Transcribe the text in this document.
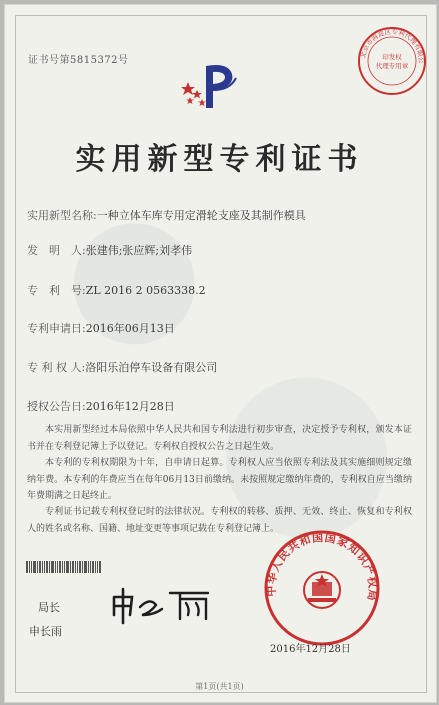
证书号第5815372号
北京市海淀区专利代理有限公
印发权
代理专用章
实用新型专利证书
实用新型名称:一种立体车库专用定滑轮支座及其制作模具
发　明　人:张建伟;张应辉;刘孝伟
专　利　号:ZL 2016 2 0563338.2
专利申请日:2016年06月13日
专 利 权 人:洛阳乐泊停车设备有限公司
授权公告日:2016年12月28日
本实用新型经过本局依照中华人民共和国专利法进行初步审查，决定授予专利权，颁发本证书并在专利登记簿上予以登记。专利权自授权公告之日起生效。
本专利的专利权期限为十年，自申请日起算。专利权人应当依照专利法及其实施细则规定缴纳年费。本专利的年费应当在每年06月13日前缴纳。未按照规定缴纳年费的，专利权自应当缴纳年费期满之日起终止。
专利证书记载专利权登记时的法律状况。专利权的转移、质押、无效、终止、恢复和专利权人的姓名或名称、国籍、地址变更等事项记载在专利登记簿上。
局长
申长雨
中华人民共和国国家知识产权局
2016年12月28日
第1页(共1页)
